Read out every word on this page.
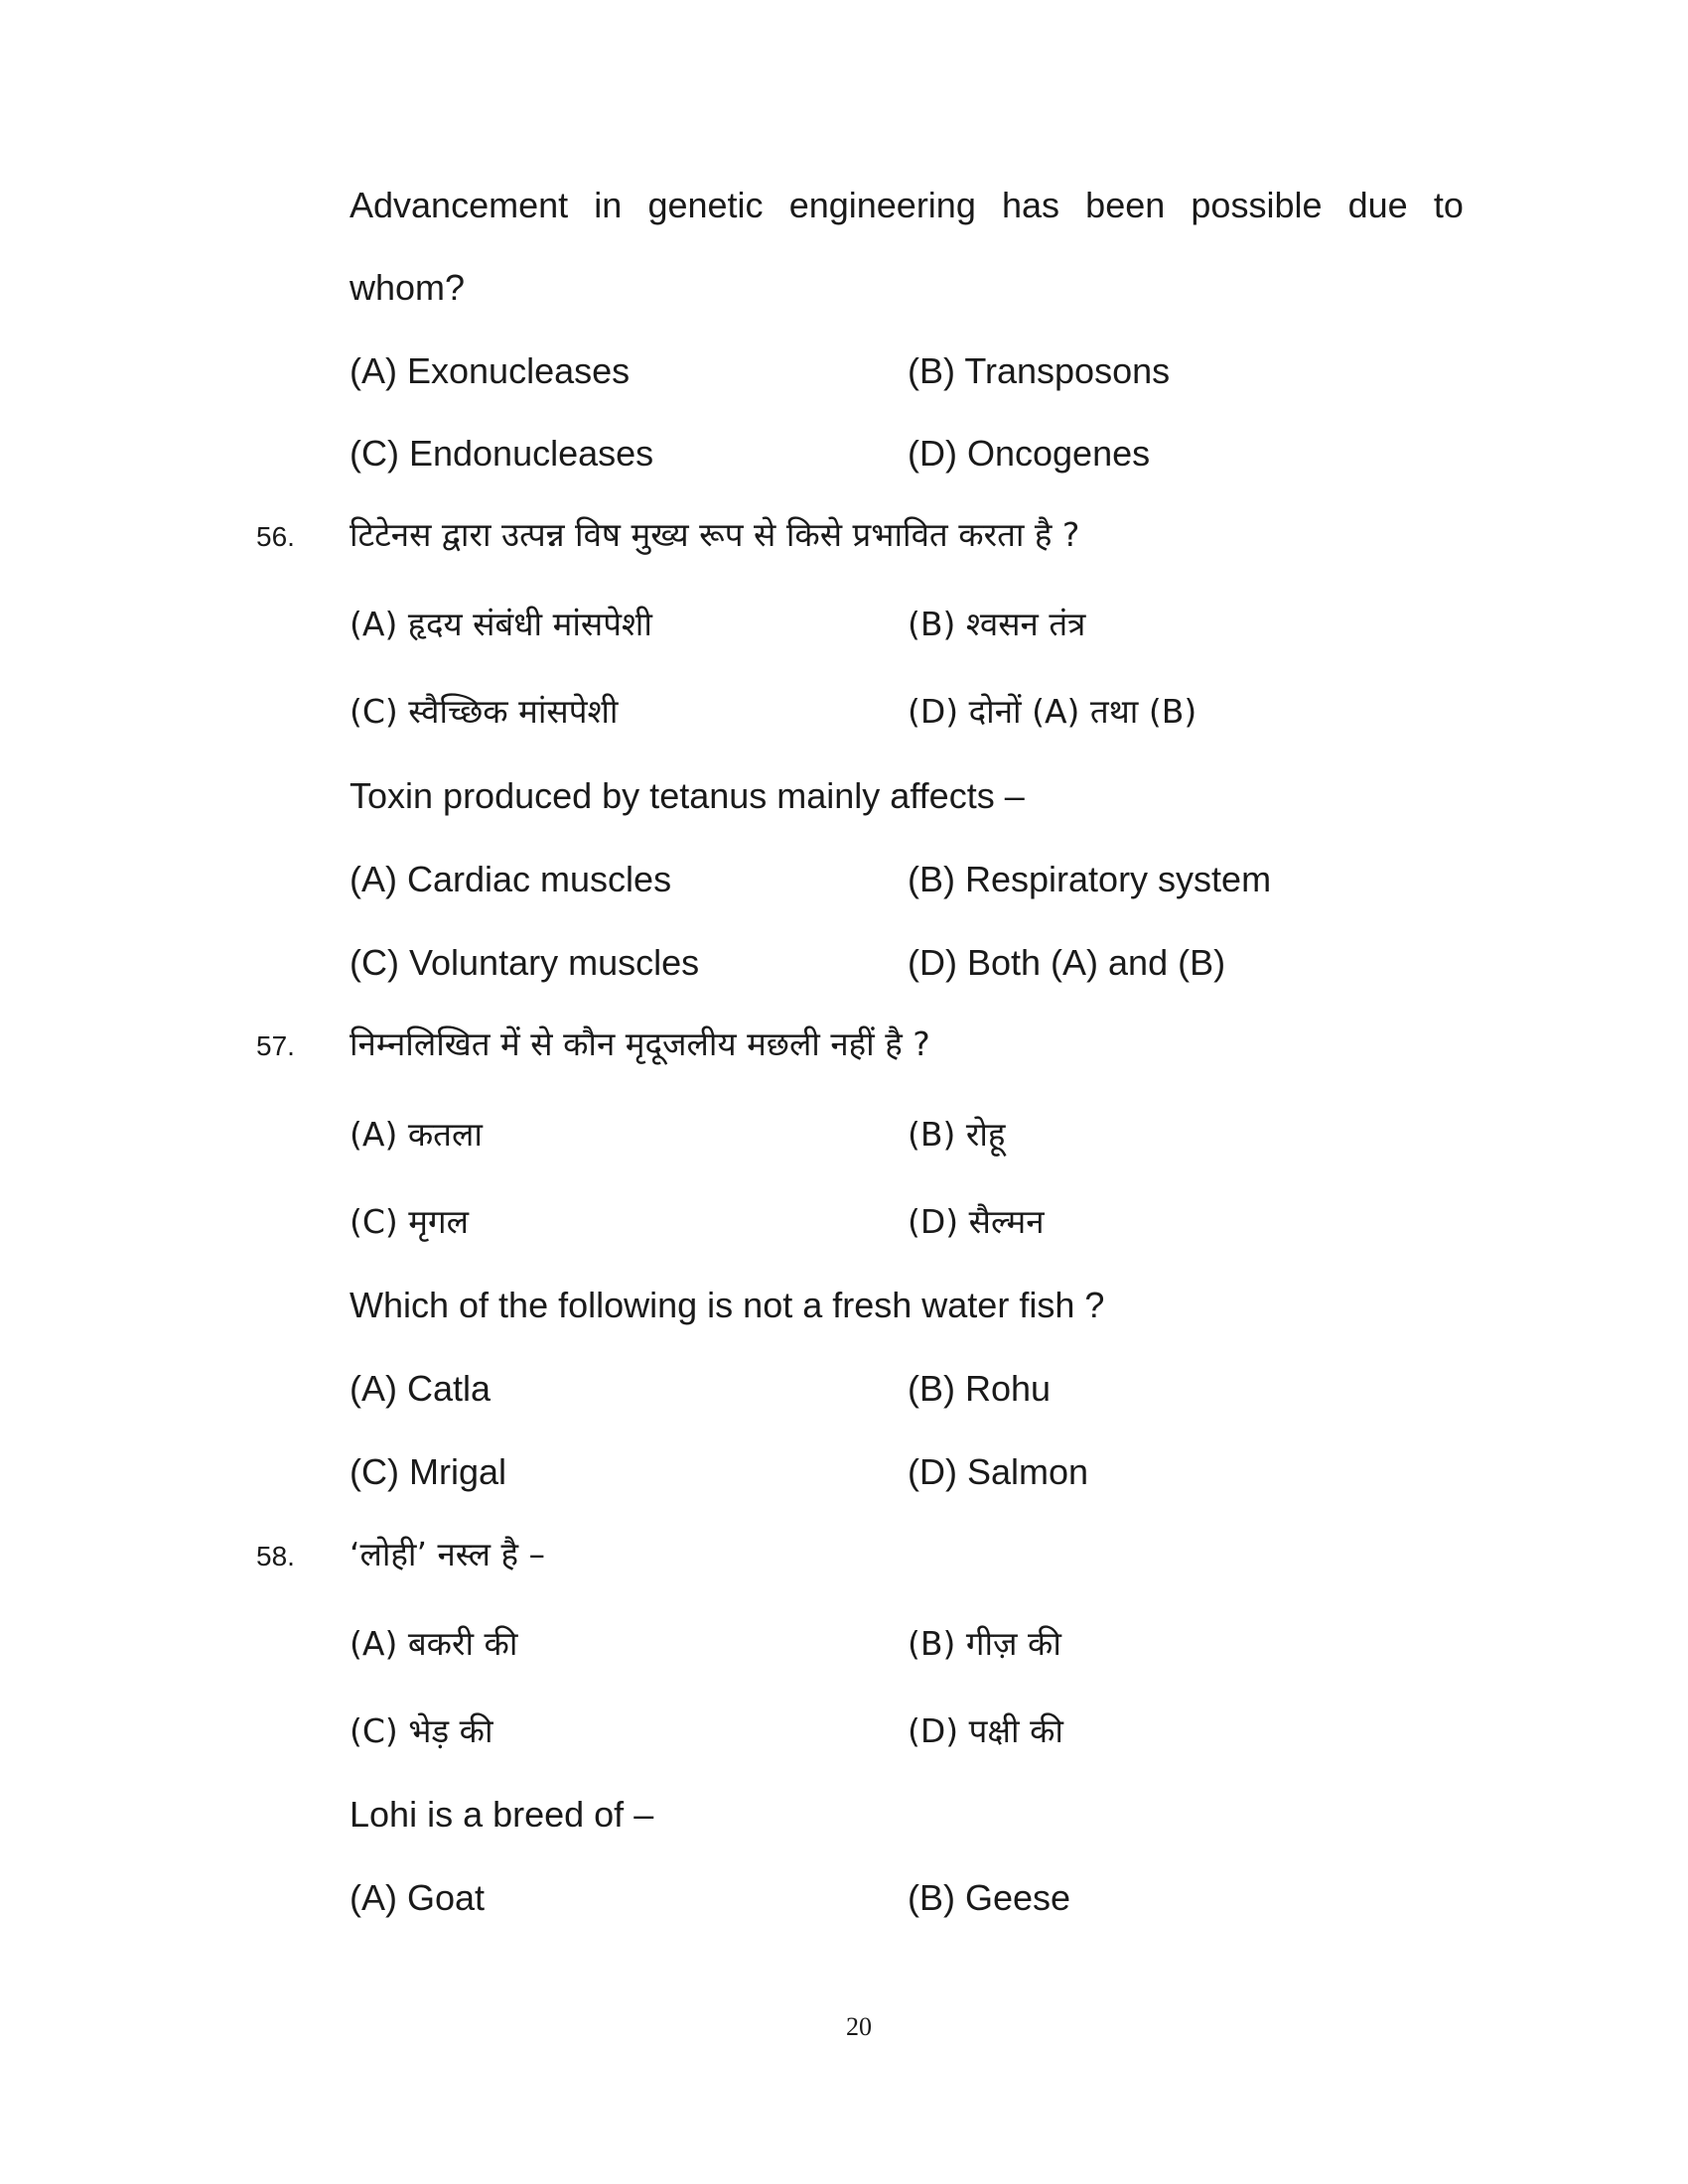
Advancement in genetic engineering has been possible due to
whom?
(A) Exonucleases	(B) Transposons
(C) Endonucleases	(D) Oncogenes
56. टिटेनस द्वारा उत्पन्न विष मुख्य रूप से किसे प्रभावित करता है ?
(A) हृदय संबंधी मांसपेशी	(B) श्वसन तंत्र
(C) स्वैच्छिक मांसपेशी	(D) दोनों (A) तथा (B)
Toxin produced by tetanus mainly affects –
(A) Cardiac muscles	(B) Respiratory system
(C) Voluntary muscles	(D) Both (A) and (B)
57. निम्नलिखित में से कौन मृदूजलीय मछली नहीं है ?
(A) कतला	(B) रोहू
(C) मृगल	(D) सैल्मन
Which of the following is not a fresh water fish ?
(A) Catla	(B) Rohu
(C) Mrigal	(D) Salmon
58. ‘लोही’ नस्ल है –
(A) बकरी की	(B) गीज़ की
(C) भेड़ की	(D) पक्षी की
Lohi is a breed of –
(A) Goat	(B) Geese
20
